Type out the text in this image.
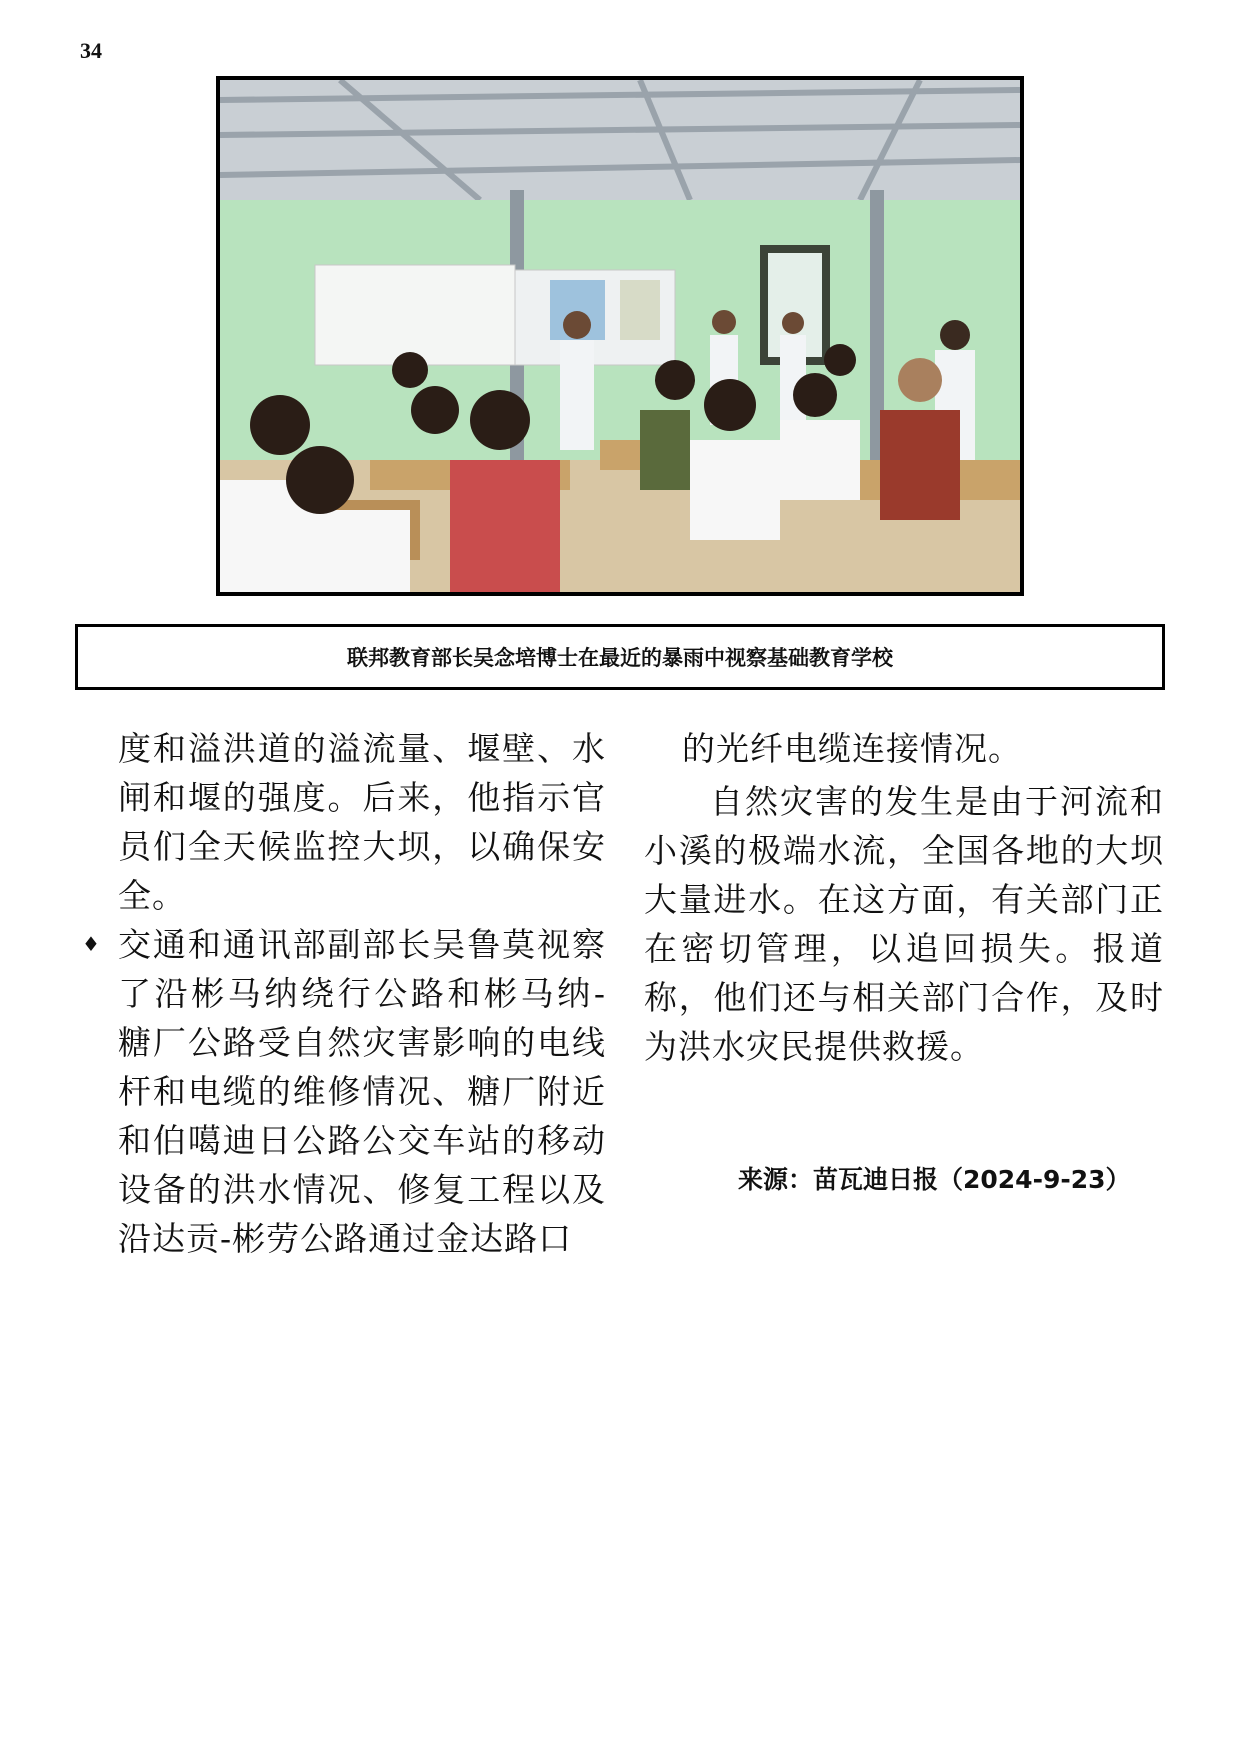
34
联邦教育部长吴念培博士在最近的暴雨中视察基础教育学校

度和溢洪道的溢流量、堰壁、水闸和堰的强度。后来，他指示官员们全天候监控大坝，以确保安全。

♦ 交通和通讯部副部长吴鲁莫视察了沿彬马纳绕行公路和彬马纳-糖厂公路受自然灾害影响的电线杆和电缆的维修情况、糖厂附近和伯噶迪日公路公交车站的移动设备的洪水情况、修复工程以及沿达贡-彬劳公路通过金达路口

的光纤电缆连接情况。

自然灾害的发生是由于河流和小溪的极端水流，全国各地的大坝大量进水。在这方面，有关部门正在密切管理，以追回损失。报道称，他们还与相关部门合作，及时为洪水灾民提供救援。

来源：苗瓦迪日报（2024-9-23）
